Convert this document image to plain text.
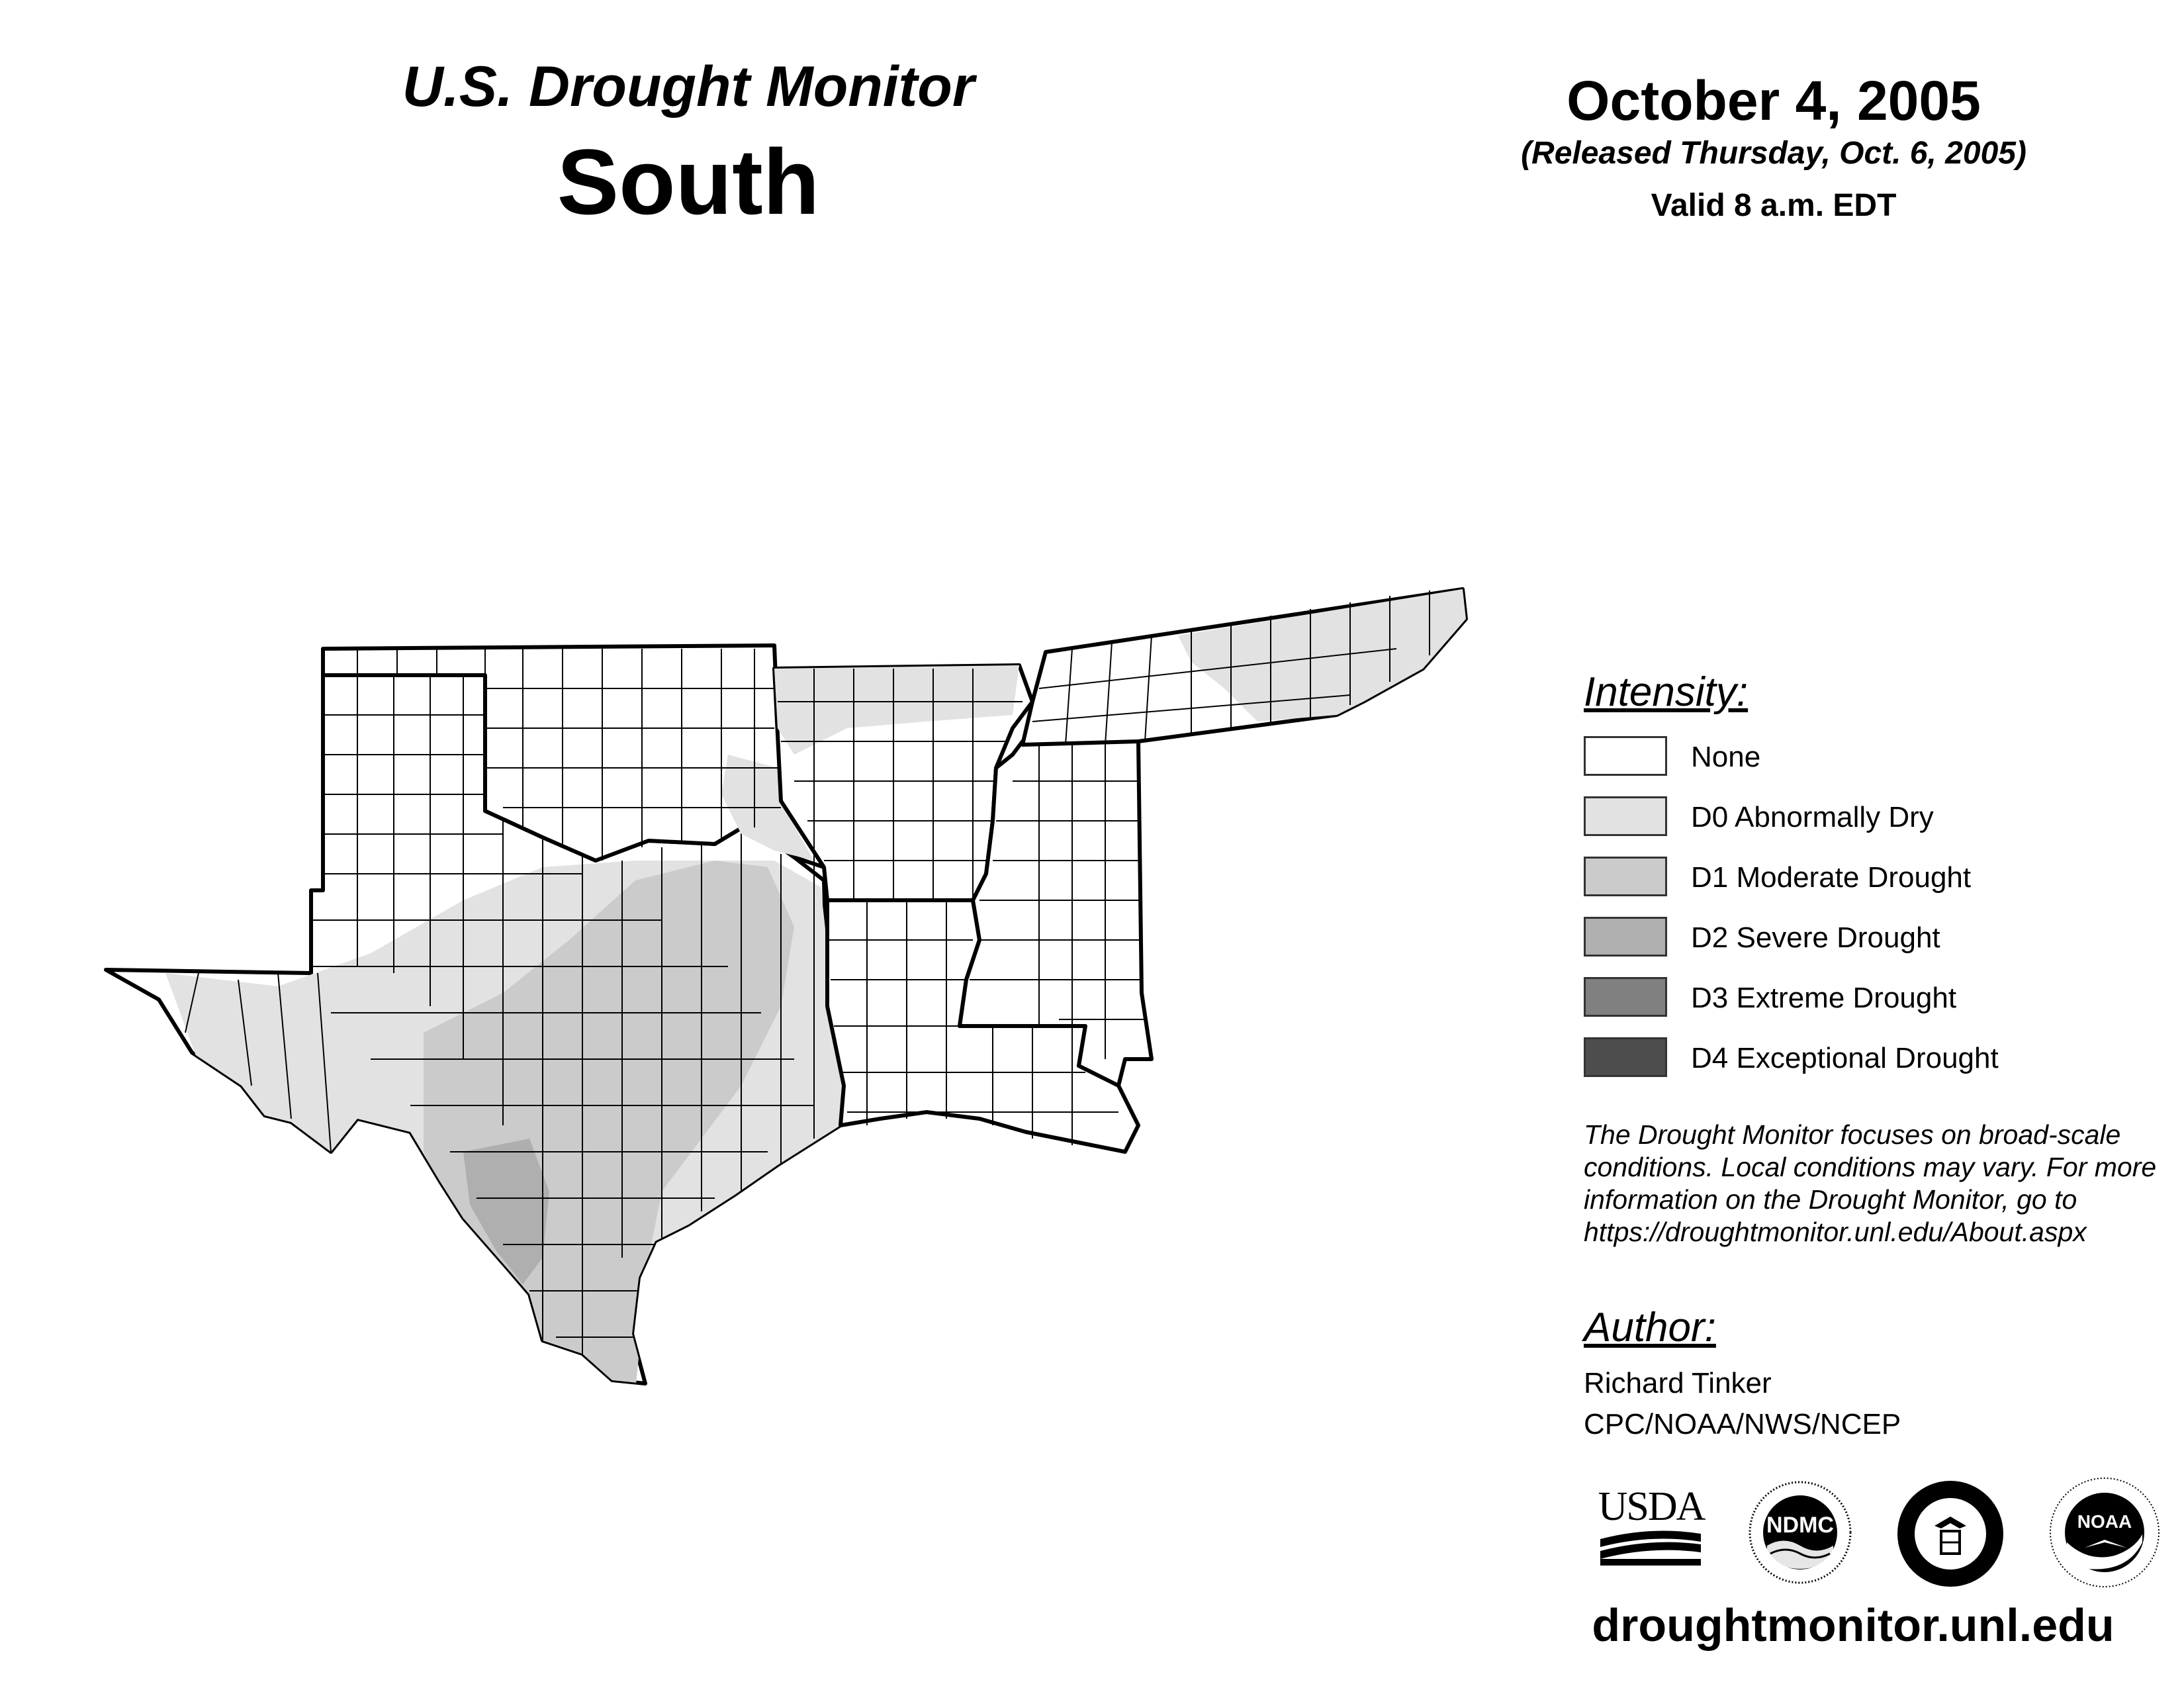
U.S. Drought Monitor
South
October 4, 2005
(Released Thursday, Oct. 6, 2005)
Valid 8 a.m. EDT
Intensity:
None
D0 Abnormally Dry
D1 Moderate Drought
D2 Severe Drought
D3 Extreme Drought
D4 Exceptional Drought
The Drought Monitor focuses on broad-scale conditions. Local conditions may vary. For more information on the Drought Monitor, go to https://droughtmonitor.unl.edu/About.aspx
Author:
Richard Tinker
CPC/NOAA/NWS/NCEP
USDA	NDMC	NOAA
droughtmonitor.unl.edu
